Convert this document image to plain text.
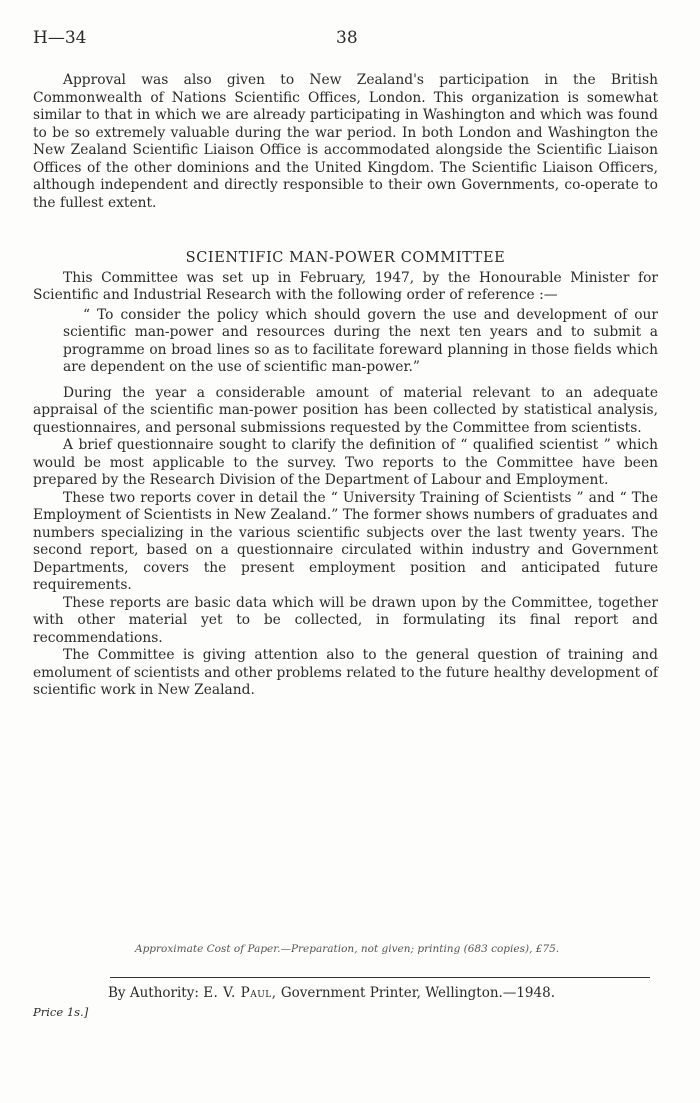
H—34	38

Approval was also given to New Zealand's participation in the British Commonwealth of Nations Scientific Offices, London. This organization is somewhat similar to that in which we are already participating in Washington and which was found to be so extremely valuable during the war period. In both London and Washington the New Zealand Scientific Liaison Office is accommodated alongside the Scientific Liaison Offices of the other dominions and the United Kingdom. The Scientific Liaison Officers, although independent and directly responsible to their own Governments, co-operate to the fullest extent.

SCIENTIFIC MAN-POWER COMMITTEE

This Committee was set up in February, 1947, by the Honourable Minister for Scientific and Industrial Research with the following order of reference :—

“ To consider the policy which should govern the use and development of our scientific man-power and resources during the next ten years and to submit a programme on broad lines so as to facilitate foreward planning in those fields which are dependent on the use of scientific man-power.”

During the year a considerable amount of material relevant to an adequate appraisal of the scientific man-power position has been collected by statistical analysis, questionnaires, and personal submissions requested by the Committee from scientists.

A brief questionnaire sought to clarify the definition of “ qualified scientist ” which would be most applicable to the survey. Two reports to the Committee have been prepared by the Research Division of the Department of Labour and Employment.

These two reports cover in detail the “ University Training of Scientists ” and “ The Employment of Scientists in New Zealand.” The former shows numbers of graduates and numbers specializing in the various scientific subjects over the last twenty years. The second report, based on a questionnaire circulated within industry and Government Departments, covers the present employment position and anticipated future requirements.

These reports are basic data which will be drawn upon by the Committee, together with other material yet to be collected, in formulating its final report and recommendations.

The Committee is giving attention also to the general question of training and emolument of scientists and other problems related to the future healthy development of scientific work in New Zealand.

Approximate Cost of Paper.—Preparation, not given; printing (683 copies), £75.
By Authority: E. V. Paul, Government Printer, Wellington.—1948.
Price 1s.]
